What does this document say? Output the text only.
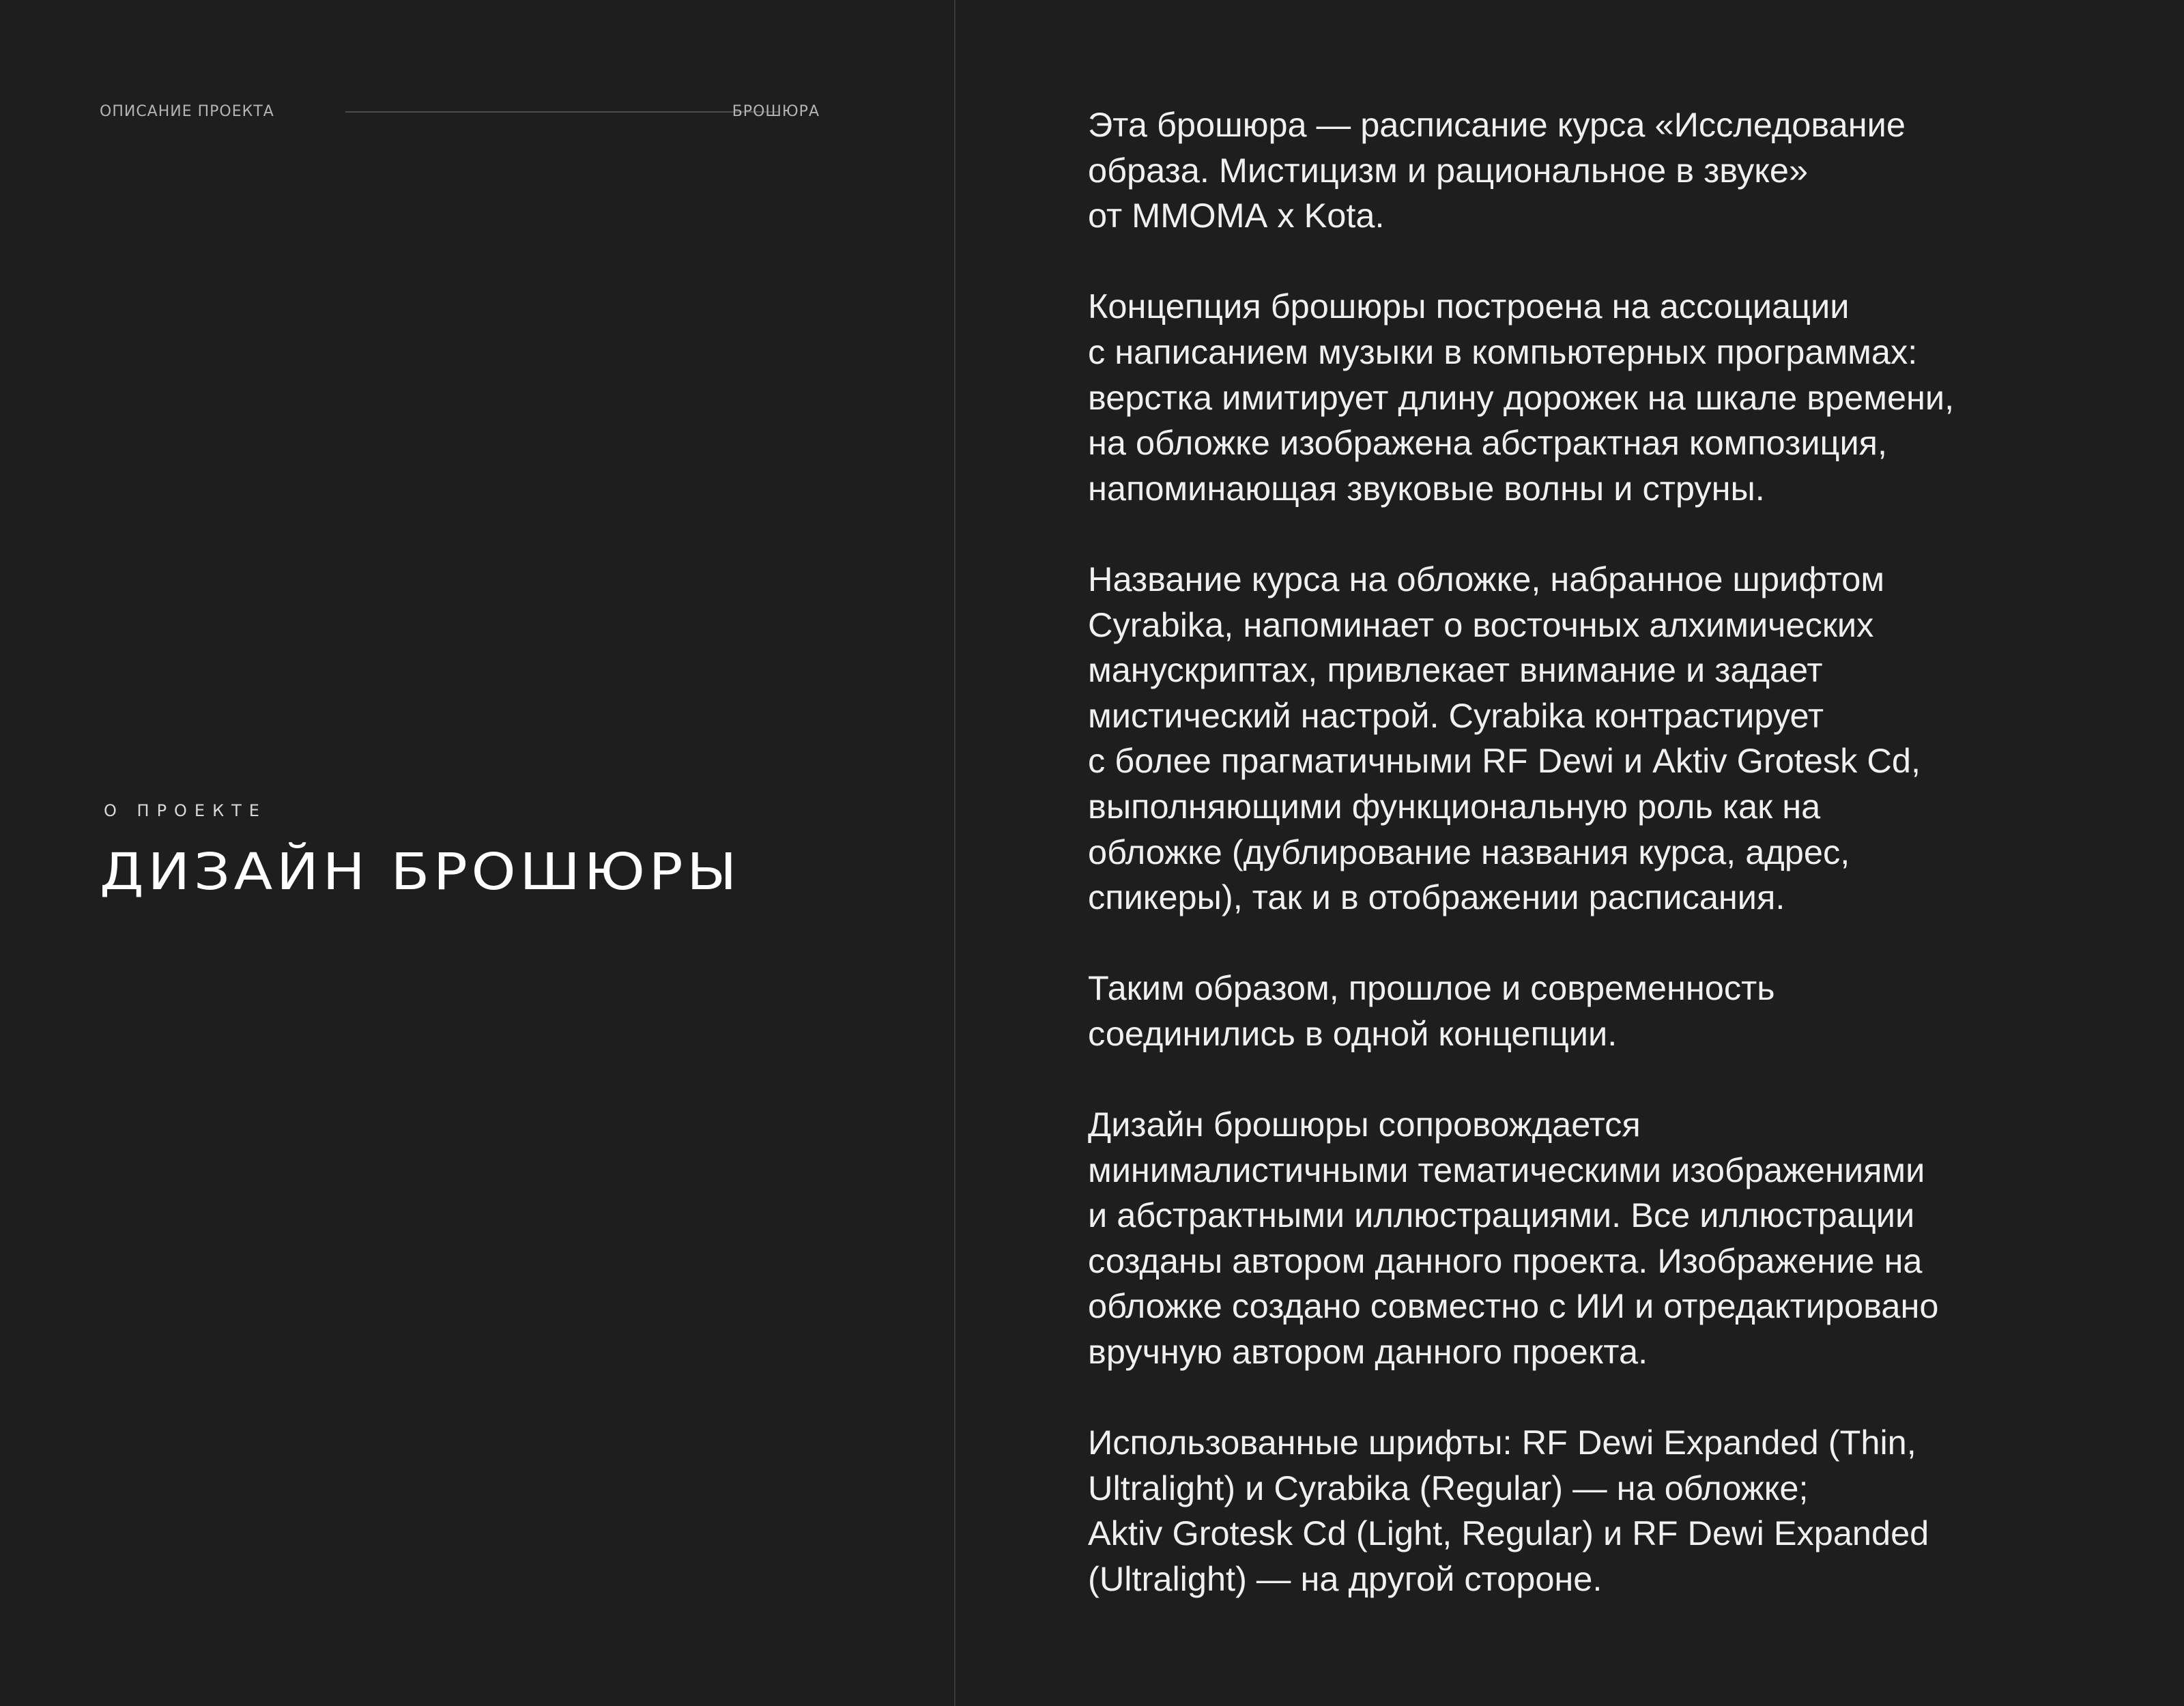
ОПИСАНИЕ ПРОЕКТА	БРОШЮРА
О ПРОЕКТЕ
ДИЗАЙН БРОШЮРЫ

Эта брошюра — расписание курса «Исследование
образа. Мистицизм и рациональное в звуке»
от ММОМА x Kota.

Концепция брошюры построена на ассоциации
с написанием музыки в компьютерных программах:
верстка имитирует длину дорожек на шкале времени,
на обложке изображена абстрактная композиция,
напоминающая звуковые волны и струны.

Название курса на обложке, набранное шрифтом
Cyrabika, напоминает о восточных алхимических
манускриптах, привлекает внимание и задает
мистический настрой. Cyrabika контрастирует
с более прагматичными RF Dewi и Aktiv Grotesk Cd,
выполняющими функциональную роль как на
обложке (дублирование названия курса, адрес,
спикеры), так и в отображении расписания.

Таким образом, прошлое и современность
соединились в одной концепции.

Дизайн брошюры сопровождается
минималистичными тематическими изображениями
и абстрактными иллюстрациями. Все иллюстрации
созданы автором данного проекта. Изображение на
обложке создано совместно с ИИ и отредактировано
вручную автором данного проекта.

Использованные шрифты: RF Dewi Expanded (Thin,
Ultralight) и Cyrabika (Regular) — на обложке;
Aktiv Grotesk Cd (Light, Regular) и RF Dewi Expanded
(Ultralight) — на другой стороне.
